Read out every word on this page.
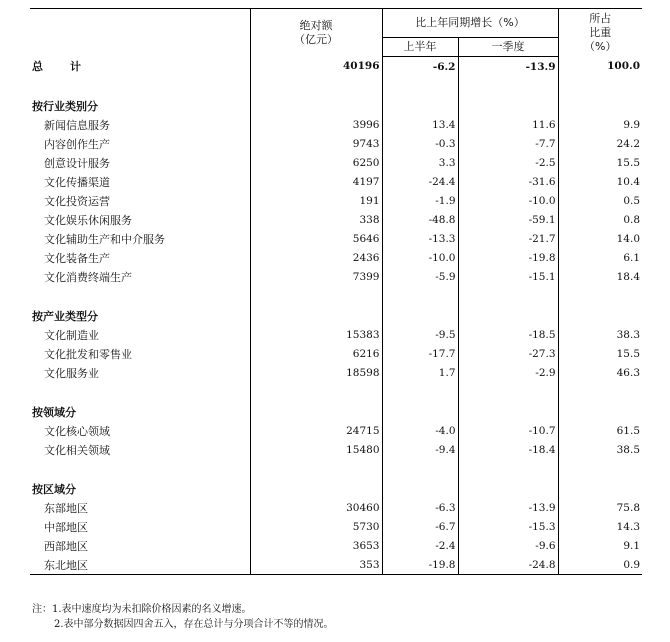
	绝对额
（亿元）	比上年同期增长（%）		所占
比重
（%）

		上半年	一季度	
总　计	40196	-6.2	-13.9	100.0

按行业类别分				
新闻信息服务	3996	13.4	11.6	9.9
内容创作生产	9743	-0.3	-7.7	24.2
创意设计服务	6250	3.3	-2.5	15.5
文化传播渠道	4197	-24.4	-31.6	10.4
文化投资运营	191	-1.9	-10.0	0.5
文化娱乐休闲服务	338	-48.8	-59.1	0.8
文化辅助生产和中介服务	5646	-13.3	-21.7	14.0
文化装备生产	2436	-10.0	-19.8	6.1
文化消费终端生产	7399	-5.9	-15.1	18.4

按产业类型分				
文化制造业	15383	-9.5	-18.5	38.3
文化批发和零售业	6216	-17.7	-27.3	15.5
文化服务业	18598	1.7	-2.9	46.3

按领域分				
文化核心领域	24715	-4.0	-10.7	61.5
文化相关领域	15480	-9.4	-18.4	38.5

按区域分				
东部地区	30460	-6.3	-13.9	75.8
中部地区	5730	-6.7	-15.3	14.3
西部地区	3653	-2.4	-9.6	9.1
东北地区	353	-19.8	-24.8	0.9
注：1.表中速度均为未扣除价格因素的名义增速。
2.表中部分数据因四舍五入，存在总计与分项合计不等的情况。
